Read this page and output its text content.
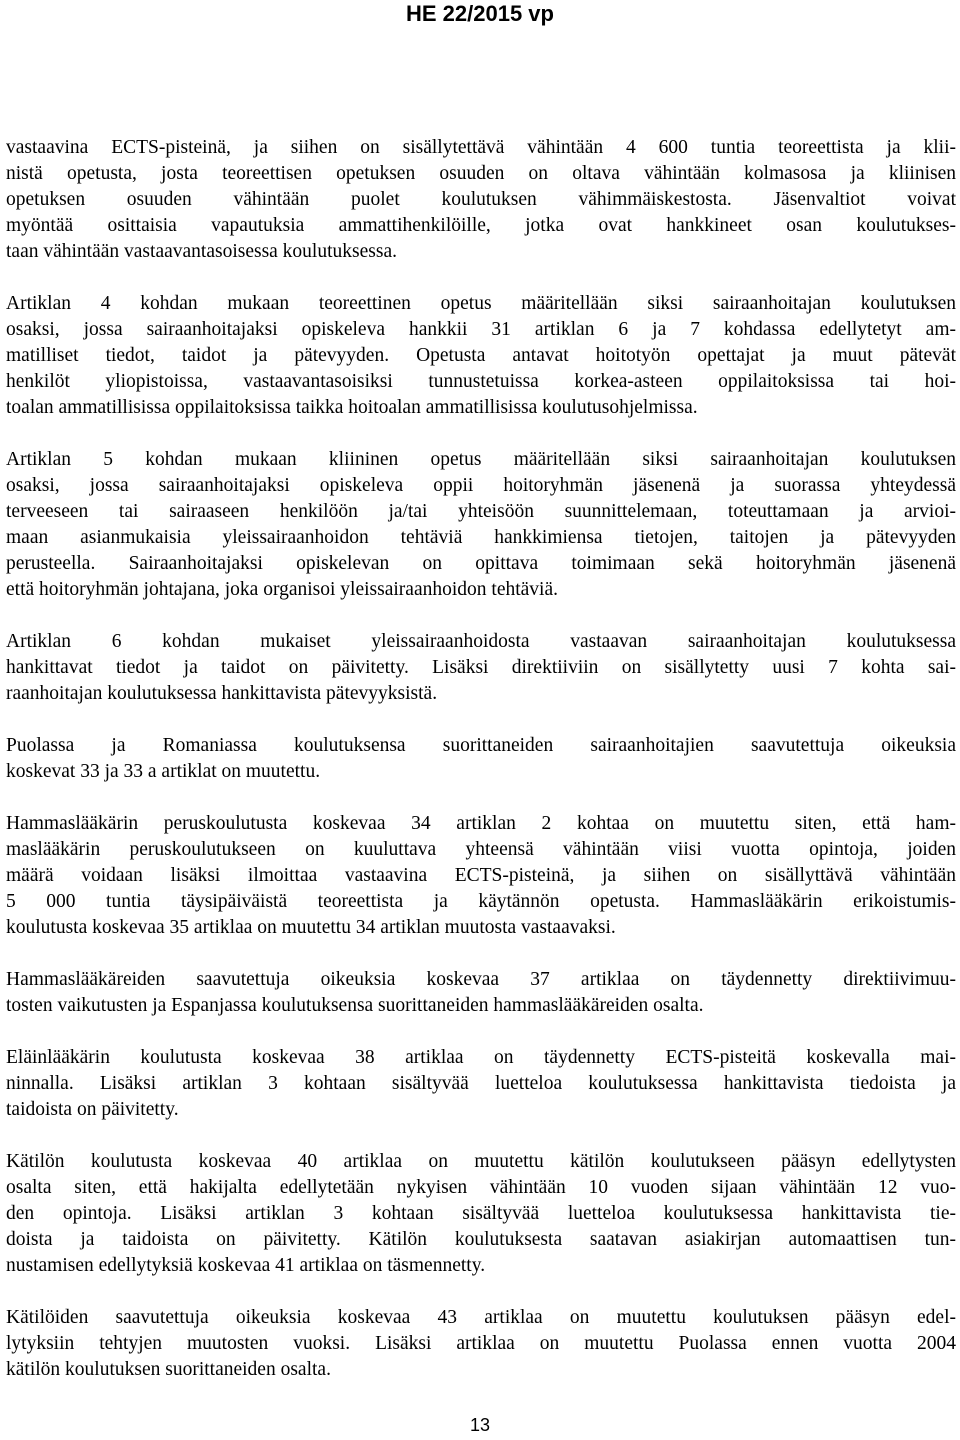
HE 22/2015 vp

vastaavina ECTS-pisteinä, ja siihen on sisällytettävä vähintään 4 600 tuntia teoreettista ja klii-
nistä opetusta, josta teoreettisen opetuksen osuuden on oltava vähintään kolmasosa ja kliinisen
opetuksen osuuden vähintään puolet koulutuksen vähimmäiskestosta. Jäsenvaltiot voivat
myöntää osittaisia vapautuksia ammattihenkilöille, jotka ovat hankkineet osan koulutukses-
taan vähintään vastaavantasoisessa koulutuksessa.

Artiklan 4 kohdan mukaan teoreettinen opetus määritellään siksi sairaanhoitajan koulutuksen
osaksi, jossa sairaanhoitajaksi opiskeleva hankkii 31 artiklan 6 ja 7 kohdassa edellytetyt am-
matilliset tiedot, taidot ja pätevyyden. Opetusta antavat hoitotyön opettajat ja muut pätevät
henkilöt yliopistoissa, vastaavantasoisiksi tunnustetuissa korkea-asteen oppilaitoksissa tai hoi-
toalan ammatillisissa oppilaitoksissa taikka hoitoalan ammatillisissa koulutusohjelmissa.

Artiklan 5 kohdan mukaan kliininen opetus määritellään siksi sairaanhoitajan koulutuksen
osaksi, jossa sairaanhoitajaksi opiskeleva oppii hoitoryhmän jäsenenä ja suorassa yhteydessä
terveeseen tai sairaaseen henkilöön ja/tai yhteisöön suunnittelemaan, toteuttamaan ja arvioi-
maan asianmukaisia yleissairaanhoidon tehtäviä hankkimiensa tietojen, taitojen ja pätevyyden
perusteella. Sairaanhoitajaksi opiskelevan on opittava toimimaan sekä hoitoryhmän jäsenenä
että hoitoryhmän johtajana, joka organisoi yleissairaanhoidon tehtäviä.

Artiklan 6 kohdan mukaiset yleissairaanhoidosta vastaavan sairaanhoitajan koulutuksessa
hankittavat tiedot ja taidot on päivitetty. Lisäksi direktiiviin on sisällytetty uusi 7 kohta sai-
raanhoitajan koulutuksessa hankittavista pätevyyksistä.

Puolassa ja Romaniassa koulutuksensa suorittaneiden sairaanhoitajien saavutettuja oikeuksia
koskevat 33 ja 33 a artiklat on muutettu.

Hammaslääkärin peruskoulutusta koskevaa 34 artiklan 2 kohtaa on muutettu siten, että ham-
maslääkärin peruskoulutukseen on kuuluttava yhteensä vähintään viisi vuotta opintoja, joiden
määrä voidaan lisäksi ilmoittaa vastaavina ECTS-pisteinä, ja siihen on sisällyttävä vähintään
5 000 tuntia täysipäiväistä teoreettista ja käytännön opetusta. Hammaslääkärin erikoistumis-
koulutusta koskevaa 35 artiklaa on muutettu 34 artiklan muutosta vastaavaksi.

Hammaslääkäreiden saavutettuja oikeuksia koskevaa 37 artiklaa on täydennetty direktiivimuu-
tosten vaikutusten ja Espanjassa koulutuksensa suorittaneiden hammaslääkäreiden osalta.

Eläinlääkärin koulutusta koskevaa 38 artiklaa on täydennetty ECTS-pisteitä koskevalla mai-
ninnalla. Lisäksi artiklan 3 kohtaan sisältyvää luetteloa koulutuksessa hankittavista tiedoista ja
taidoista on päivitetty.

Kätilön koulutusta koskevaa 40 artiklaa on muutettu kätilön koulutukseen pääsyn edellytysten
osalta siten, että hakijalta edellytetään nykyisen vähintään 10 vuoden sijaan vähintään 12 vuo-
den opintoja. Lisäksi artiklan 3 kohtaan sisältyvää luetteloa koulutuksessa hankittavista tie-
doista ja taidoista on päivitetty. Kätilön koulutuksesta saatavan asiakirjan automaattisen tun-
nustamisen edellytyksiä koskevaa 41 artiklaa on täsmennetty.

Kätilöiden saavutettuja oikeuksia koskevaa 43 artiklaa on muutettu koulutuksen pääsyn edel-
lytyksiin tehtyjen muutosten vuoksi. Lisäksi artiklaa on muutettu Puolassa ennen vuotta 2004
kätilön koulutuksen suorittaneiden osalta.

13
